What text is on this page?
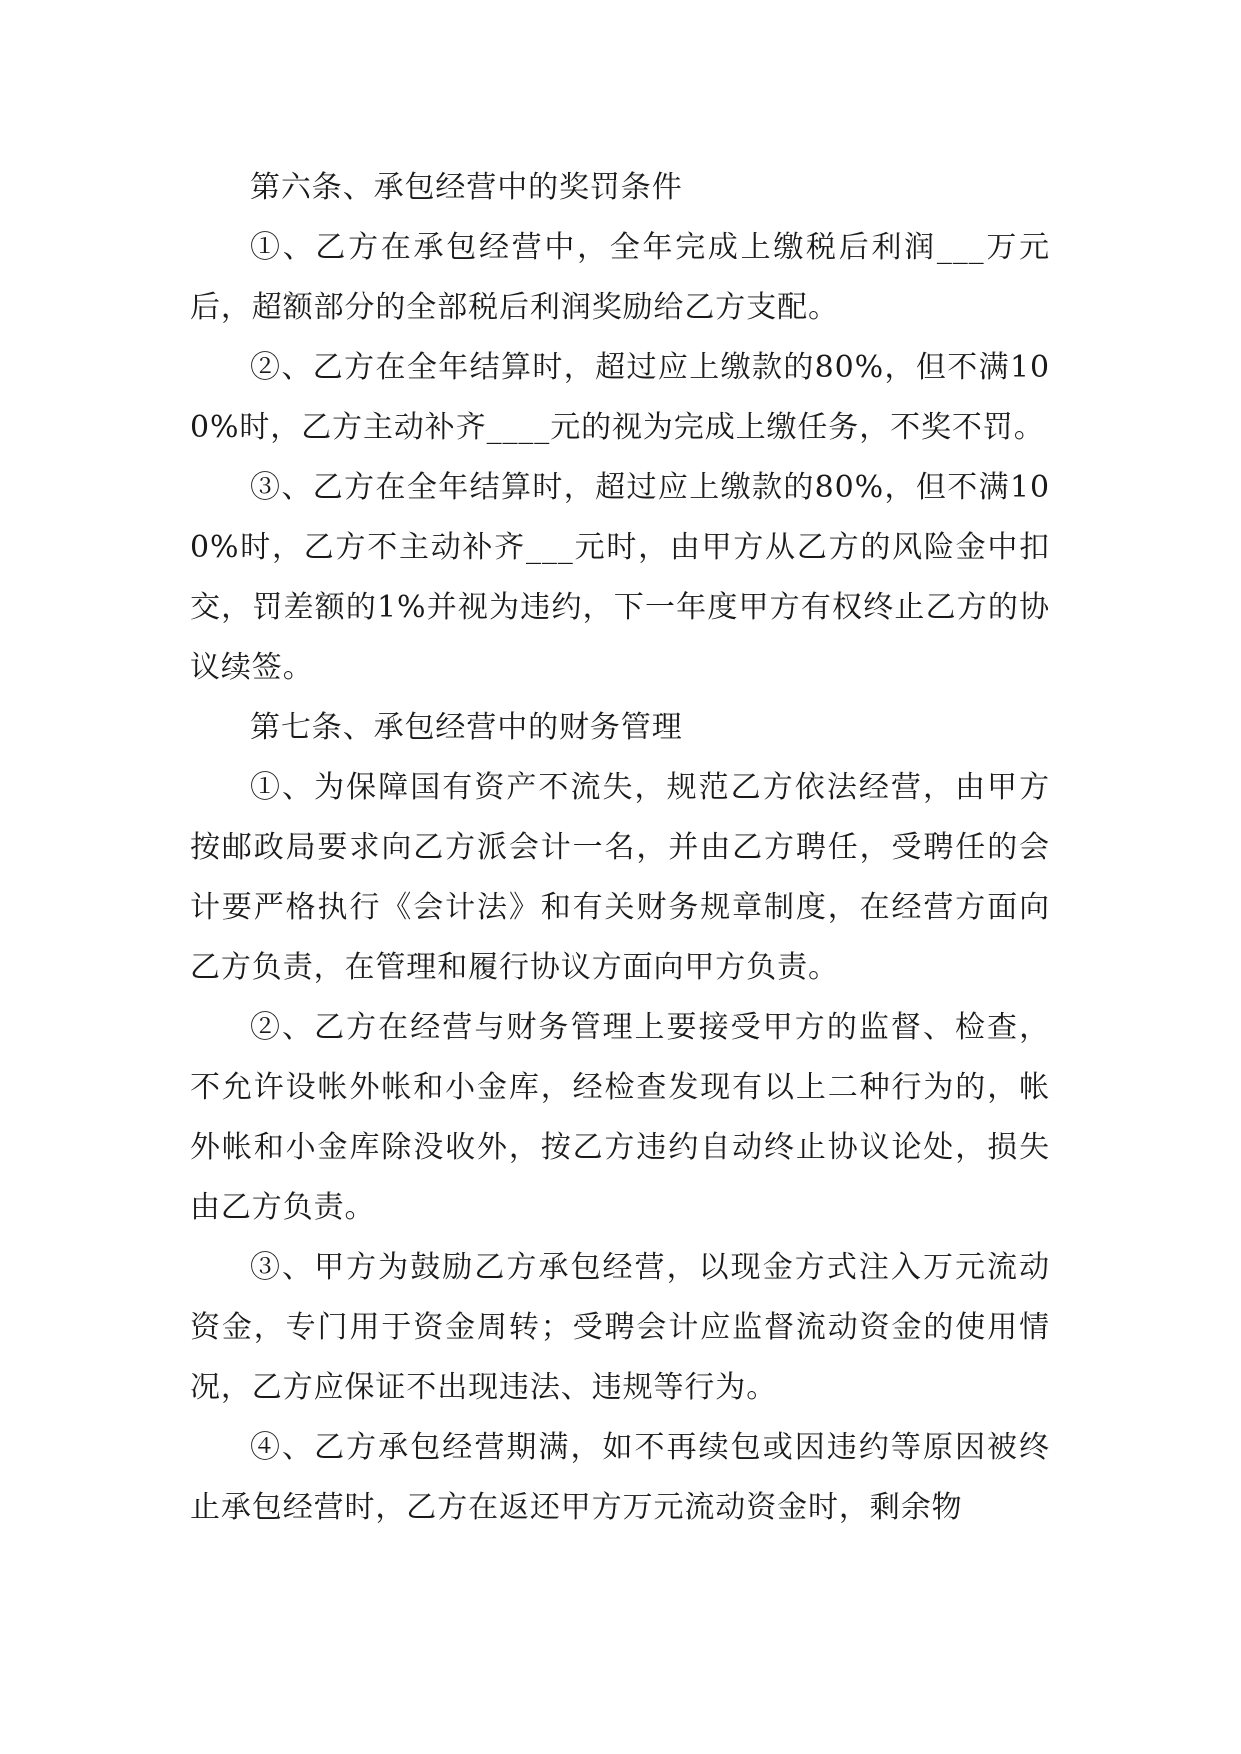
第六条、承包经营中的奖罚条件

①、乙方在承包经营中，全年完成上缴税后利润___万元后，超额部分的全部税后利润奖励给乙方支配。

②、乙方在全年结算时，超过应上缴款的80%，但不满100%时，乙方主动补齐____元的视为完成上缴任务，不奖不罚。

③、乙方在全年结算时，超过应上缴款的80%，但不满100%时，乙方不主动补齐___元时，由甲方从乙方的风险金中扣交，罚差额的1%并视为违约，下一年度甲方有权终止乙方的协议续签。

第七条、承包经营中的财务管理

①、为保障国有资产不流失，规范乙方依法经营，由甲方按邮政局要求向乙方派会计一名，并由乙方聘任，受聘任的会计要严格执行《会计法》和有关财务规章制度，在经营方面向乙方负责，在管理和履行协议方面向甲方负责。

②、乙方在经营与财务管理上要接受甲方的监督、检查，不允许设帐外帐和小金库，经检查发现有以上二种行为的，帐外帐和小金库除没收外，按乙方违约自动终止协议论处，损失由乙方负责。

③、甲方为鼓励乙方承包经营，以现金方式注入万元流动资金，专门用于资金周转；受聘会计应监督流动资金的使用情况，乙方应保证不出现违法、违规等行为。

④、乙方承包经营期满，如不再续包或因违约等原因被终止承包经营时，乙方在返还甲方万元流动资金时，剩余物
